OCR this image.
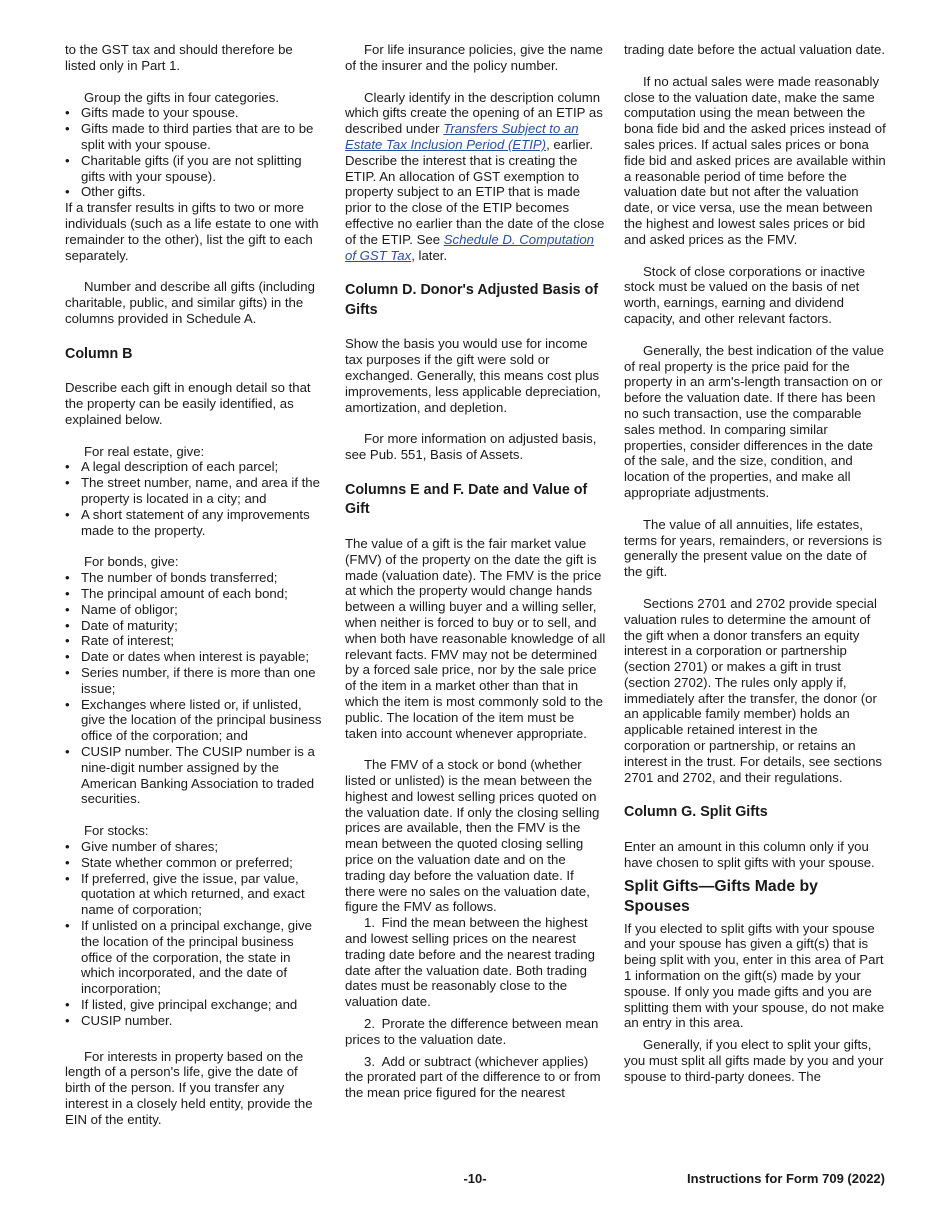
to the GST tax and should therefore be listed only in Part 1.

Group the gifts in four categories.

• Gifts made to your spouse.

• Gifts made to third parties that are to be split with your spouse.

• Charitable gifts (if you are not splitting gifts with your spouse).

• Other gifts.

If a transfer results in gifts to two or more individuals (such as a life estate to one with remainder to the other), list the gift to each separately.

Number and describe all gifts (including charitable, public, and similar gifts) in the columns provided in Schedule A.

Column B

Describe each gift in enough detail so that the property can be easily identified, as explained below.

For real estate, give:

• A legal description of each parcel;

• The street number, name, and area if the property is located in a city; and

• A short statement of any improvements made to the property.

For bonds, give:

• The number of bonds transferred;

• The principal amount of each bond;

• Name of obligor;

• Date of maturity;

• Rate of interest;

• Date or dates when interest is payable;

• Series number, if there is more than one issue;

• Exchanges where listed or, if unlisted, give the location of the principal business office of the corporation; and

• CUSIP number. The CUSIP number is a nine-digit number assigned by the American Banking Association to traded securities.

For stocks:

• Give number of shares;

• State whether common or preferred;

• If preferred, give the issue, par value, quotation at which returned, and exact name of corporation;

• If unlisted on a principal exchange, give the location of the principal business office of the corporation, the state in which incorporated, and the date of incorporation;

• If listed, give principal exchange; and

• CUSIP number.

For interests in property based on the length of a person's life, give the date of birth of the person. If you transfer any interest in a closely held entity, provide the EIN of the entity.

For life insurance policies, give the name of the insurer and the policy number.

Clearly identify in the description column which gifts create the opening of an ETIP as described under Transfers Subject to an Estate Tax Inclusion Period (ETIP), earlier. Describe the interest that is creating the ETIP. An allocation of GST exemption to property subject to an ETIP that is made prior to the close of the ETIP becomes effective no earlier than the date of the close of the ETIP. See Schedule D. Computation of GST Tax, later.

Column D. Donor's Adjusted Basis of Gifts

Show the basis you would use for income tax purposes if the gift were sold or exchanged. Generally, this means cost plus improvements, less applicable depreciation, amortization, and depletion.

For more information on adjusted basis, see Pub. 551, Basis of Assets.

Columns E and F. Date and Value of Gift

The value of a gift is the fair market value (FMV) of the property on the date the gift is made (valuation date). The FMV is the price at which the property would change hands between a willing buyer and a willing seller, when neither is forced to buy or to sell, and when both have reasonable knowledge of all relevant facts. FMV may not be determined by a forced sale price, nor by the sale price of the item in a market other than that in which the item is most commonly sold to the public. The location of the item must be taken into account whenever appropriate.

The FMV of a stock or bond (whether listed or unlisted) is the mean between the highest and lowest selling prices quoted on the valuation date. If only the closing selling prices are available, then the FMV is the mean between the quoted closing selling price on the valuation date and on the trading day before the valuation date. If there were no sales on the valuation date, figure the FMV as follows.

1. Find the mean between the highest and lowest selling prices on the nearest trading date before and the nearest trading date after the valuation date. Both trading dates must be reasonably close to the valuation date.

2. Prorate the difference between mean prices to the valuation date.

3. Add or subtract (whichever applies) the prorated part of the difference to or from the mean price figured for the nearest

trading date before the actual valuation date.

If no actual sales were made reasonably close to the valuation date, make the same computation using the mean between the bona fide bid and the asked prices instead of sales prices. If actual sales prices or bona fide bid and asked prices are available within a reasonable period of time before the valuation date but not after the valuation date, or vice versa, use the mean between the highest and lowest sales prices or bid and asked prices as the FMV.

Stock of close corporations or inactive stock must be valued on the basis of net worth, earnings, earning and dividend capacity, and other relevant factors.

Generally, the best indication of the value of real property is the price paid for the property in an arm's-length transaction on or before the valuation date. If there has been no such transaction, use the comparable sales method. In comparing similar properties, consider differences in the date of the sale, and the size, condition, and location of the properties, and make all appropriate adjustments.

The value of all annuities, life estates, terms for years, remainders, or reversions is generally the present value on the date of the gift.

Sections 2701 and 2702 provide special valuation rules to determine the amount of the gift when a donor transfers an equity interest in a corporation or partnership (section 2701) or makes a gift in trust (section 2702). The rules only apply if, immediately after the transfer, the donor (or an applicable family member) holds an applicable retained interest in the corporation or partnership, or retains an interest in the trust. For details, see sections 2701 and 2702, and their regulations.

Column G. Split Gifts

Enter an amount in this column only if you have chosen to split gifts with your spouse.

Split Gifts—Gifts Made by Spouses

If you elected to split gifts with your spouse and your spouse has given a gift(s) that is being split with you, enter in this area of Part 1 information on the gift(s) made by your spouse. If only you made gifts and you are splitting them with your spouse, do not make an entry in this area.

Generally, if you elect to split your gifts, you must split all gifts made by you and your spouse to third-party donees. The

-10-	Instructions for Form 709 (2022)
